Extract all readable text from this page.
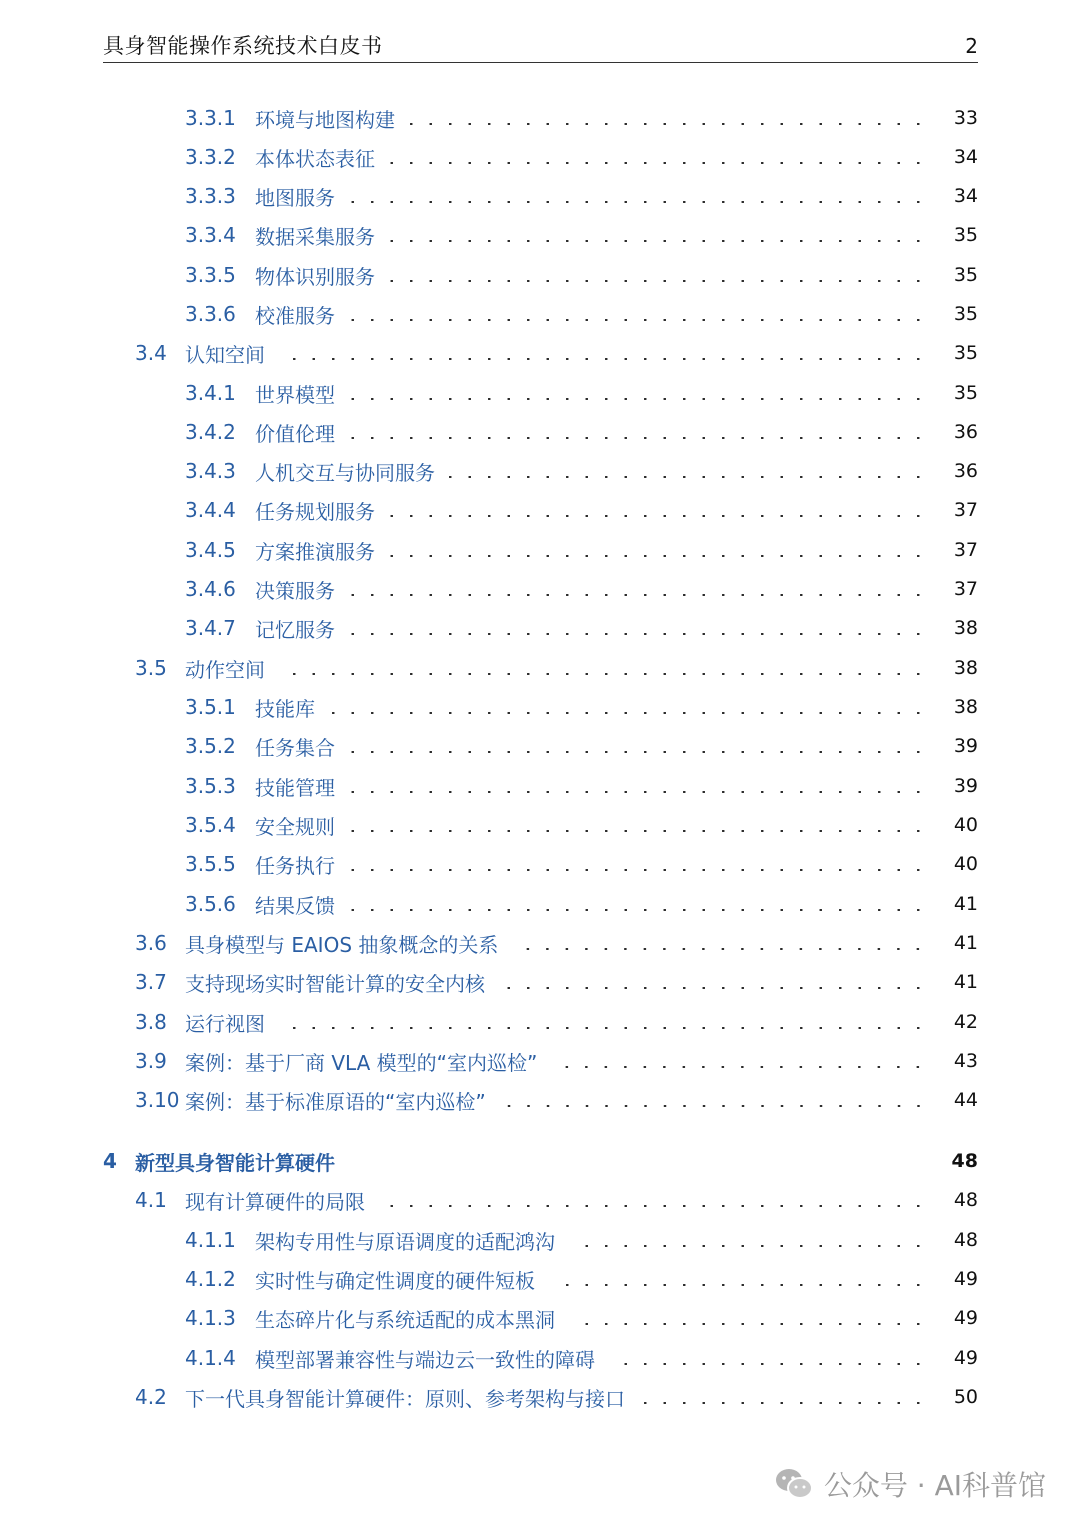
具身智能操作系统技术白皮书	2
3.3.1 环境与地图构建	33
3.3.2 本体状态表征	34
3.3.3 地图服务	34
3.3.4 数据采集服务	35
3.3.5 物体识别服务	35
3.3.6 校准服务	35
3.4 认知空间	35
3.4.1 世界模型	35
3.4.2 价值伦理	36
3.4.3 人机交互与协同服务	36
3.4.4 任务规划服务	37
3.4.5 方案推演服务	37
3.4.6 决策服务	37
3.4.7 记忆服务	38
3.5 动作空间	38
3.5.1 技能库	38
3.5.2 任务集合	39
3.5.3 技能管理	39
3.5.4 安全规则	40
3.5.5 任务执行	40
3.5.6 结果反馈	41
3.6 具身模型与 EAIOS 抽象概念的关系	41
3.7 支持现场实时智能计算的安全内核	41
3.8 运行视图	42
3.9 案例：基于厂商 VLA 模型的“室内巡检”	43
3.10 案例：基于标准原语的“室内巡检”	44
4 新型具身智能计算硬件	48
4.1 现有计算硬件的局限	48
4.1.1 架构专用性与原语调度的适配鸿沟	48
4.1.2 实时性与确定性调度的硬件短板	49
4.1.3 生态碎片化与系统适配的成本黑洞	49
4.1.4 模型部署兼容性与端边云一致性的障碍	49
4.2 下一代具身智能计算硬件：原则、参考架构与接口	50
公众号 · AI科普馆
